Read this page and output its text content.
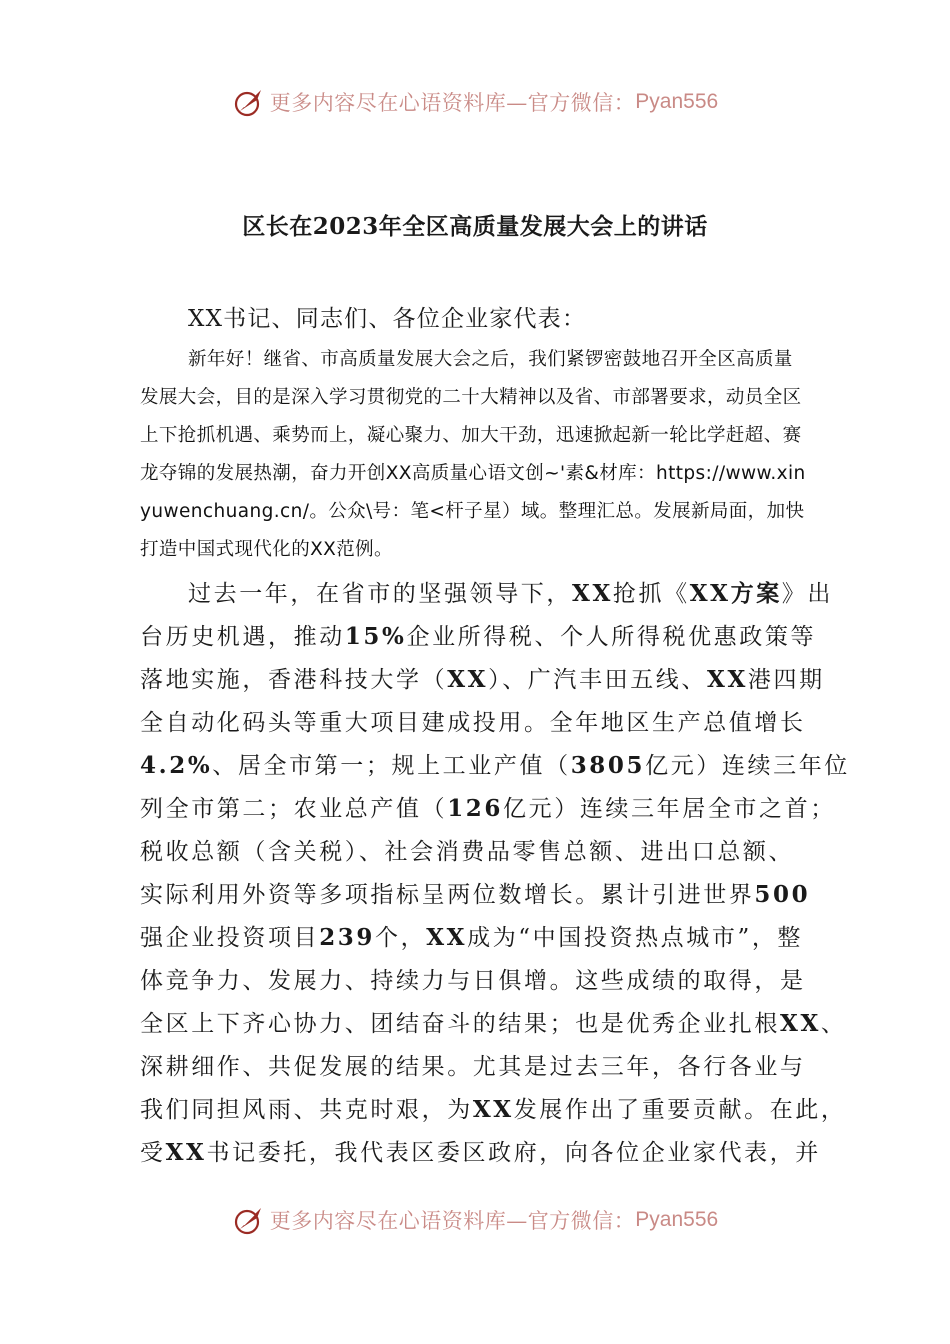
更多内容尽在心语资料库—官方微信： Pyan556
区长在2023年全区高质量发展大会上的讲话
XX书记、同志们、各位企业家代表：
新年好！继省、市高质量发展大会之后，我们紧锣密鼓地召开全区高质量
发展大会，目的是深入学习贯彻党的二十大精神以及省、市部署要求，动员全区
上下抢抓机遇、乘势而上，凝心聚力、加大干劲，迅速掀起新一轮比学赶超、赛
龙夺锦的发展热潮，奋力开创XX高质量心语文创~'素&材库：https://www.xin
yuwenchuang.cn/。公众\号：笔<杆子星）域。整理汇总。发展新局面，加快
打造中国式现代化的XX范例。
过去一年，在省市的坚强领导下，XX抢抓《XX方案》出
台历史机遇，推动15%企业所得税、个人所得税优惠政策等
落地实施，香港科技大学（XX）、广汽丰田五线、XX港四期
全自动化码头等重大项目建成投用。全年地区生产总值增长
4.2%、居全市第一；规上工业产值（3805亿元）连续三年位
列全市第二；农业总产值（126亿元）连续三年居全市之首；
税收总额（含关税）、社会消费品零售总额、进出口总额、
实际利用外资等多项指标呈两位数增长。累计引进世界500
强企业投资项目239个，XX成为“中国投资热点城市”，整
体竞争力、发展力、持续力与日俱增。这些成绩的取得，是
全区上下齐心协力、团结奋斗的结果；也是优秀企业扎根XX、
深耕细作、共促发展的结果。尤其是过去三年，各行各业与
我们同担风雨、共克时艰，为XX发展作出了重要贡献。在此，
受XX书记委托，我代表区委区政府，向各位企业家代表，并
更多内容尽在心语资料库—官方微信： Pyan556
